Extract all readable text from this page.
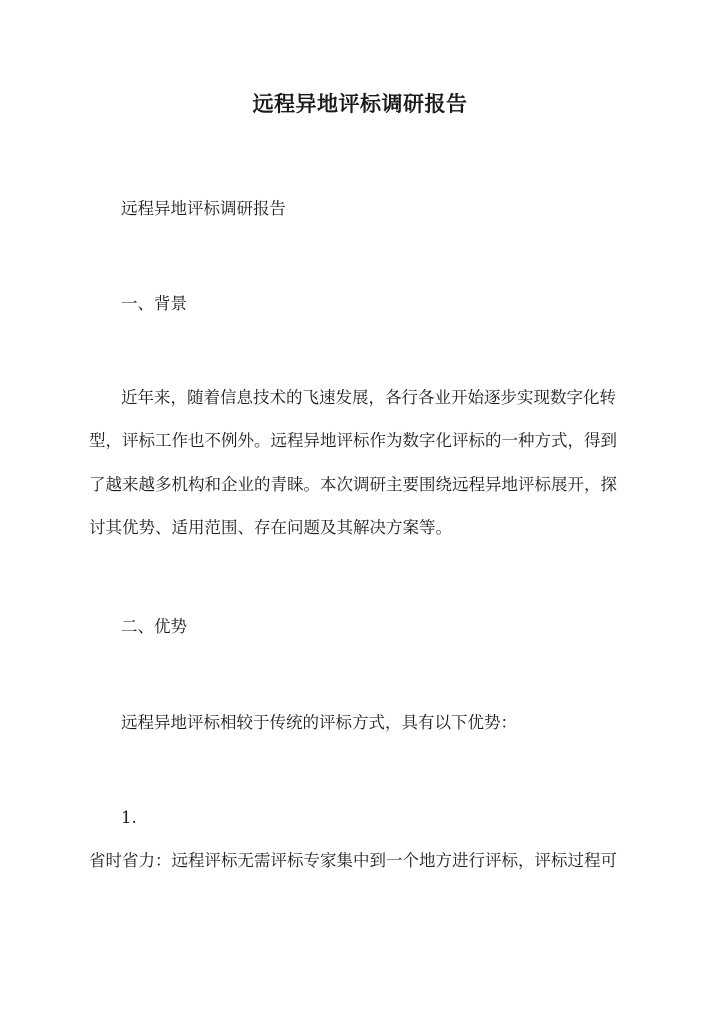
远程异地评标调研报告
远程异地评标调研报告
一、背景
近年来，随着信息技术的飞速发展，各行各业开始逐步实现数字化转
型，评标工作也不例外。远程异地评标作为数字化评标的一种方式，得到
了越来越多机构和企业的青睐。本次调研主要围绕远程异地评标展开，探
讨其优势、适用范围、存在问题及其解决方案等。
二、优势
远程异地评标相较于传统的评标方式，具有以下优势：
1.
省时省力：远程评标无需评标专家集中到一个地方进行评标，评标过程可
